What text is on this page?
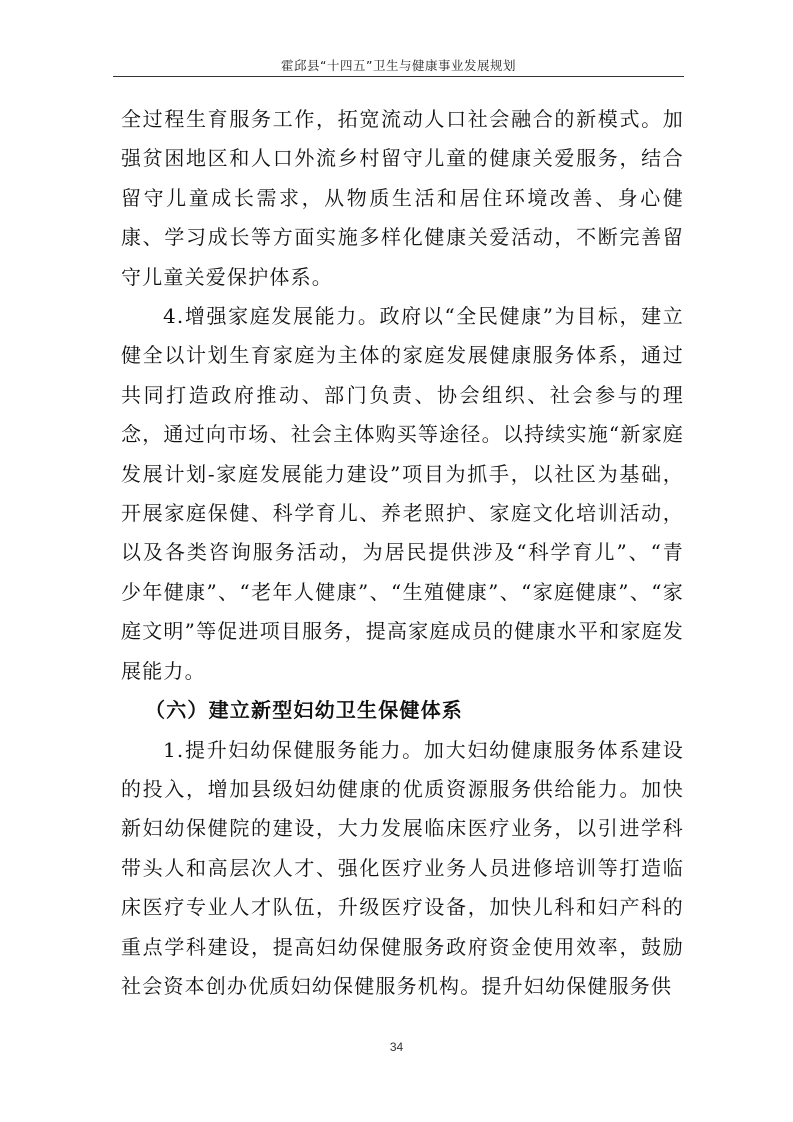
霍邱县“十四五”卫生与健康事业发展规划

全过程生育服务工作，拓宽流动人口社会融合的新模式。加强贫困地区和人口外流乡村留守儿童的健康关爱服务，结合留守儿童成长需求，从物质生活和居住环境改善、身心健康、学习成长等方面实施多样化健康关爱活动，不断完善留守儿童关爱保护体系。

4.增强家庭发展能力。政府以“全民健康”为目标，建立健全以计划生育家庭为主体的家庭发展健康服务体系，通过共同打造政府推动、部门负责、协会组织、社会参与的理念，通过向市场、社会主体购买等途径。以持续实施“新家庭发展计划-家庭发展能力建设”项目为抓手，以社区为基础，开展家庭保健、科学育儿、养老照护、家庭文化培训活动，以及各类咨询服务活动，为居民提供涉及“科学育儿”、“青少年健康”、“老年人健康”、“生殖健康”、“家庭健康”、“家庭文明”等促进项目服务，提高家庭成员的健康水平和家庭发展能力。

（六）建立新型妇幼卫生保健体系

1.提升妇幼保健服务能力。加大妇幼健康服务体系建设的投入，增加县级妇幼健康的优质资源服务供给能力。加快新妇幼保健院的建设，大力发展临床医疗业务，以引进学科带头人和高层次人才、强化医疗业务人员进修培训等打造临床医疗专业人才队伍，升级医疗设备，加快儿科和妇产科的重点学科建设，提高妇幼保健服务政府资金使用效率，鼓励社会资本创办优质妇幼保健服务机构。提升妇幼保健服务供

34
